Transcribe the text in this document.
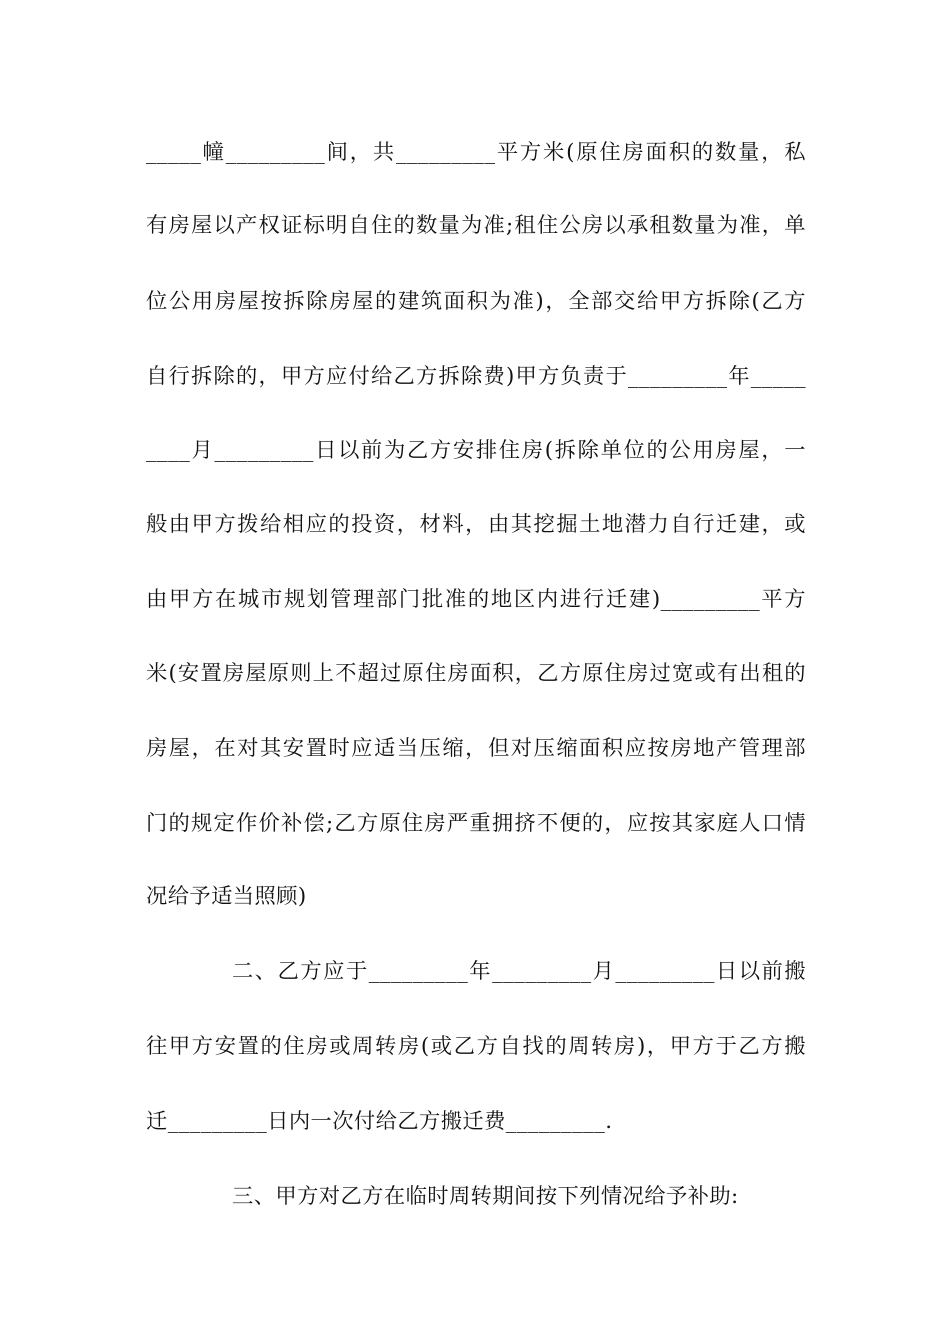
_____幢_________间，共_________平方米(原住房面积的数量，私
有房屋以产权证标明自住的数量为准;租住公房以承租数量为准，单
位公用房屋按拆除房屋的建筑面积为准)，全部交给甲方拆除(乙方
自行拆除的，甲方应付给乙方拆除费)甲方负责于_________年_____
____月_________日以前为乙方安排住房(拆除单位的公用房屋，一
般由甲方拨给相应的投资，材料，由其挖掘土地潜力自行迁建，或
由甲方在城市规划管理部门批准的地区内进行迁建)_________平方
米(安置房屋原则上不超过原住房面积，乙方原住房过宽或有出租的
房屋，在对其安置时应适当压缩，但对压缩面积应按房地产管理部
门的规定作价补偿;乙方原住房严重拥挤不便的，应按其家庭人口情
况给予适当照顾)
二、乙方应于_________年_________月_________日以前搬
往甲方安置的住房或周转房(或乙方自找的周转房)，甲方于乙方搬
迁_________日内一次付给乙方搬迁费_________.
三、甲方对乙方在临时周转期间按下列情况给予补助:
